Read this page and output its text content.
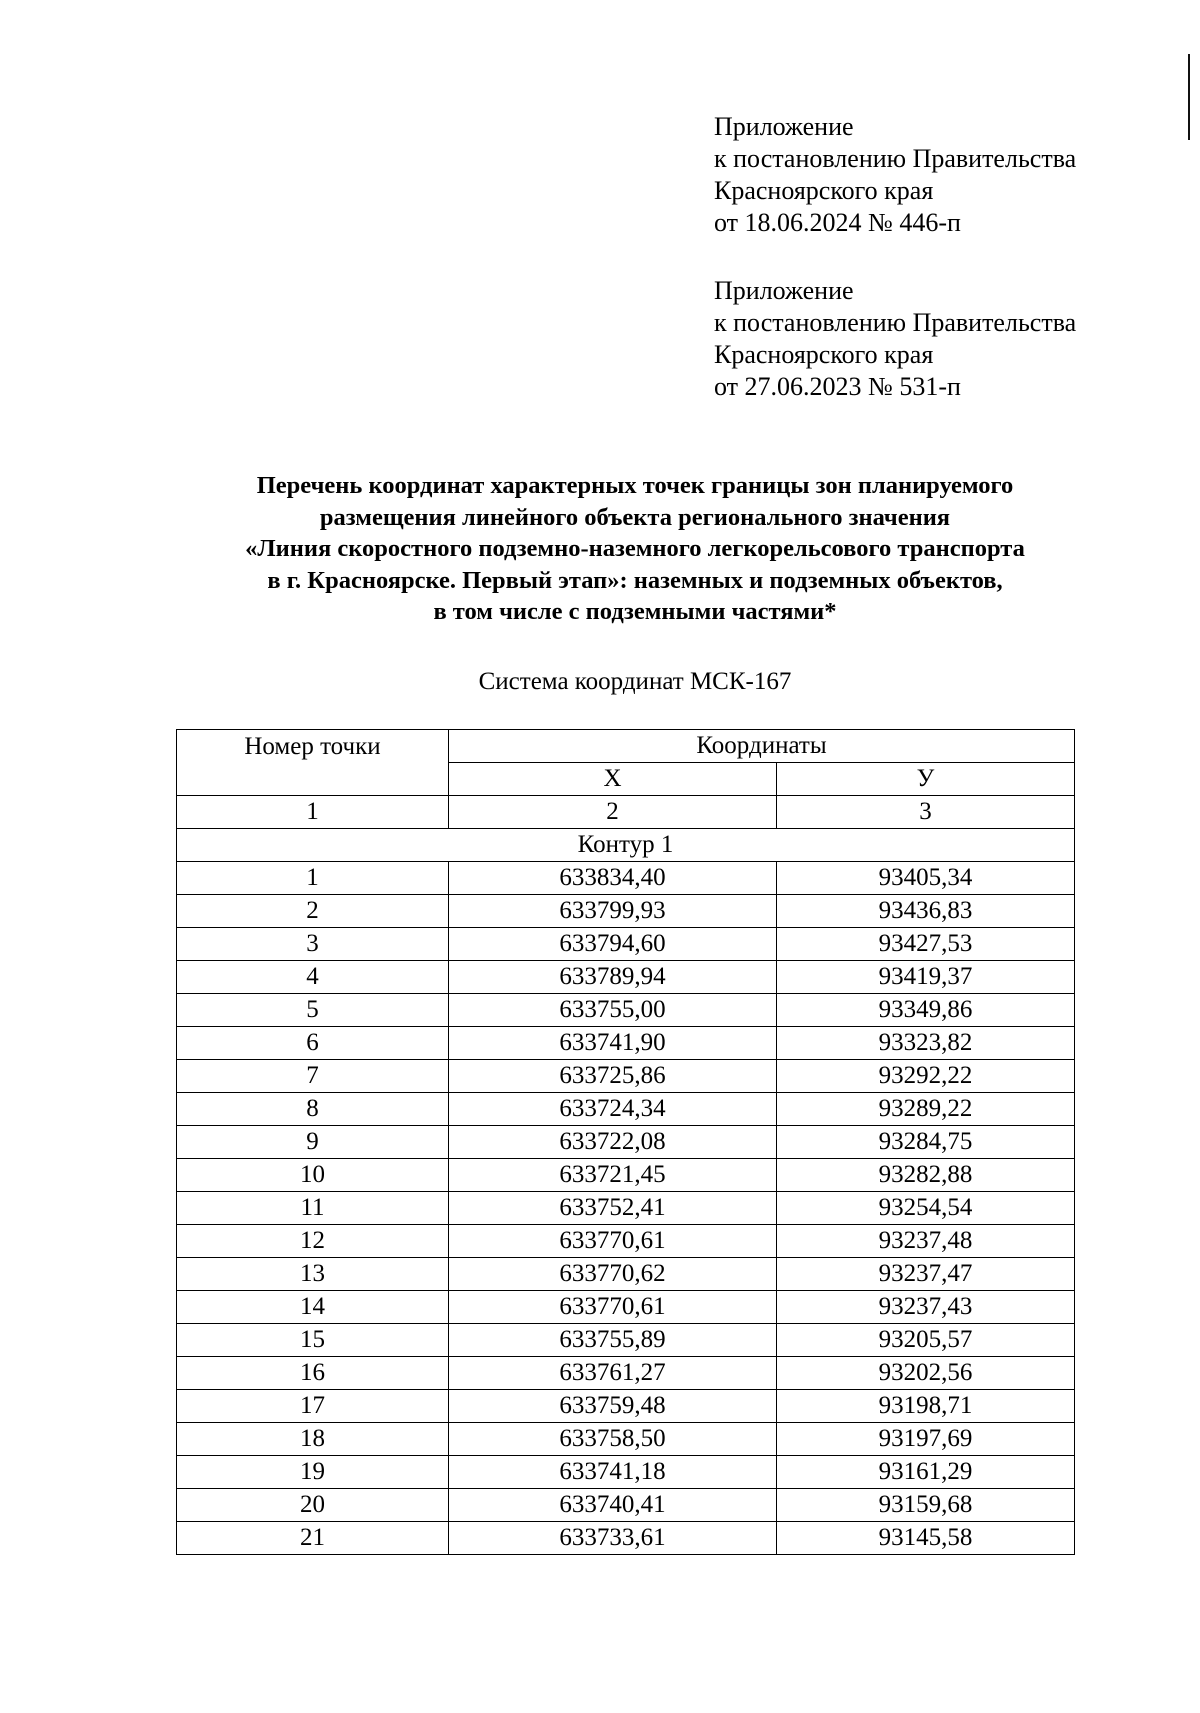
Приложение
к постановлению Правительства
Красноярского края
от 18.06.2024 № 446-п
Приложение
к постановлению Правительства
Красноярского края
от 27.06.2023 № 531-п
Перечень координат характерных точек границы зон планируемого
размещения линейного объекта регионального значения
«Линия скоростного подземно-наземного легкорельсового транспорта
в г. Красноярске. Первый этап»: наземных и подземных объектов,
в том числе с подземными частями*
Система координат МСК-167
Номер точки	Координаты	
	Х	У
1	2	3
Контур 1		
1	633834,40	93405,34
2	633799,93	93436,83
3	633794,60	93427,53
4	633789,94	93419,37
5	633755,00	93349,86
6	633741,90	93323,82
7	633725,86	93292,22
8	633724,34	93289,22
9	633722,08	93284,75
10	633721,45	93282,88
11	633752,41	93254,54
12	633770,61	93237,48
13	633770,62	93237,47
14	633770,61	93237,43
15	633755,89	93205,57
16	633761,27	93202,56
17	633759,48	93198,71
18	633758,50	93197,69
19	633741,18	93161,29
20	633740,41	93159,68
21	633733,61	93145,58
